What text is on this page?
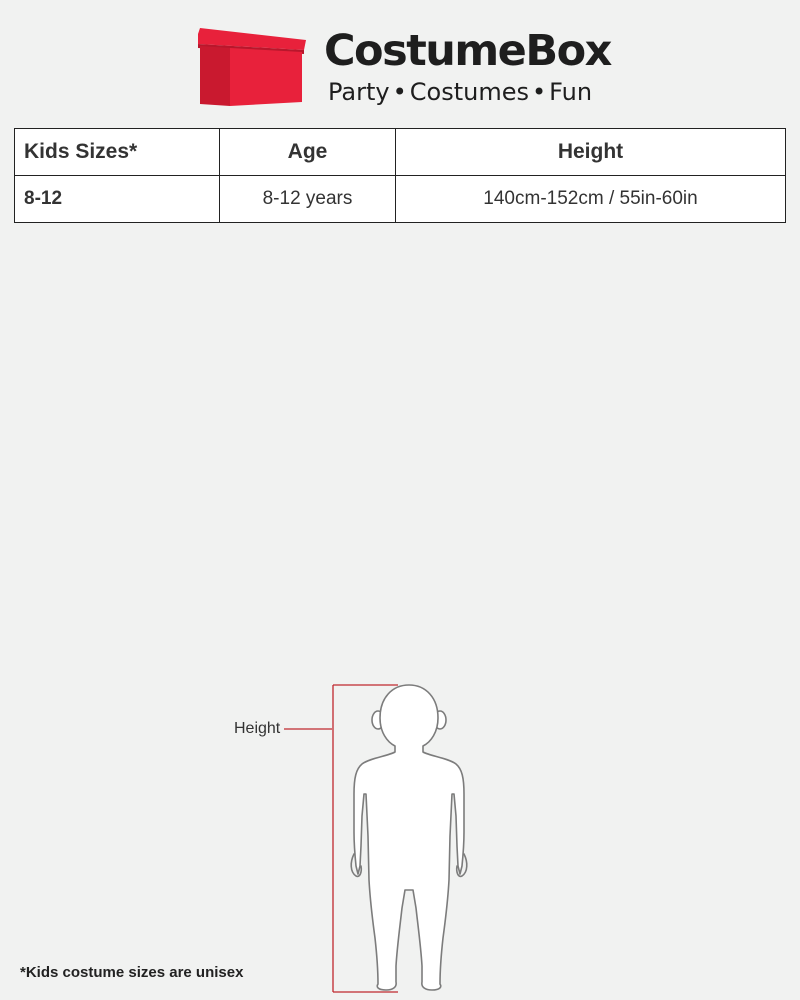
CostumeBox
Party • Costumes • Fun
Kids Sizes*	Age	Height
8-12	8-12 years	140cm-152cm / 55in-60in
Height
*Kids costume sizes are unisex
